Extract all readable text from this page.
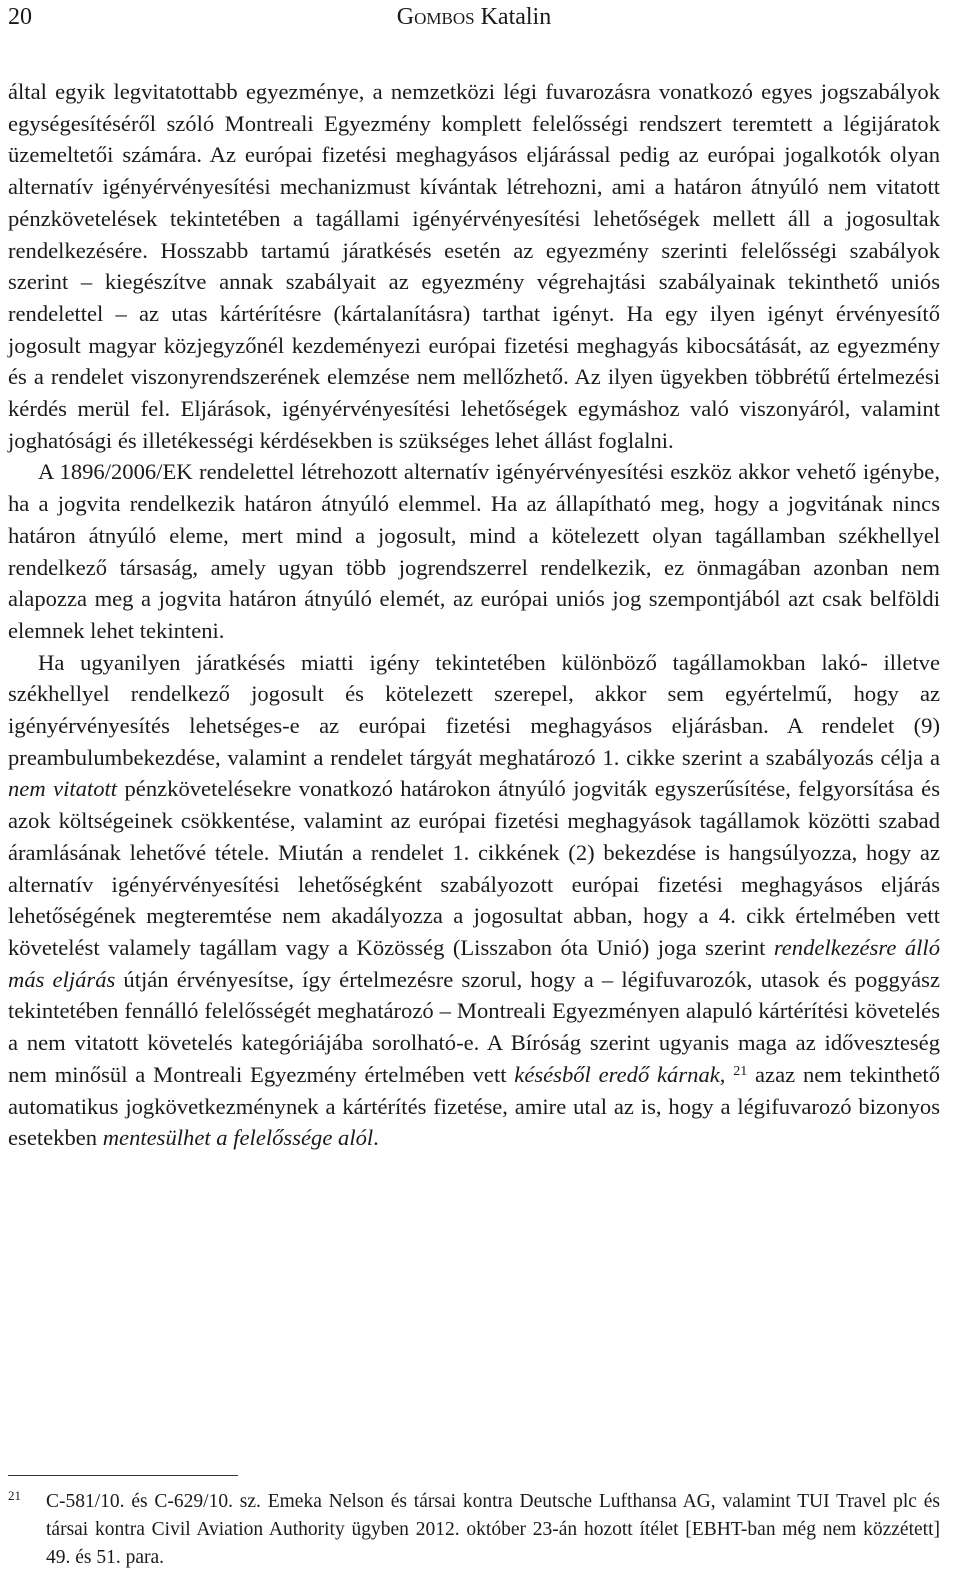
20	Gombos Katalin

által egyik legvitatottabb egyezménye, a nemzetközi légi fuvarozásra vonatkozó egyes jogszabályok egységesítéséről szóló Montreali Egyezmény komplett felelősségi rendszert teremtett a légijáratok üzemeltetői számára. Az európai fizetési meghagyásos eljárással pedig az európai jogalkotók olyan alternatív igényérvényesítési mechanizmust kívántak létrehozni, ami a határon átnyúló nem vitatott pénzkövetelések tekintetében a tagállami igényérvényesítési lehetőségek mellett áll a jogosultak rendelkezésére. Hosszabb tartamú járatkésés esetén az egyezmény szerinti felelősségi szabályok szerint – kiegészítve annak szabályait az egyezmény végrehajtási szabályainak tekinthető uniós rendelettel – az utas kártérítésre (kártalanításra) tarthat igényt. Ha egy ilyen igényt érvényesítő jogosult magyar közjegyzőnél kezdeményezi európai fizetési meghagyás kibocsátását, az egyezmény és a rendelet viszonyrendszerének elemzése nem mellőzhető. Az ilyen ügyekben többrétű értelmezési kérdés merül fel. Eljárások, igényérvényesítési lehetőségek egymáshoz való viszonyáról, valamint joghatósági és illetékességi kérdésekben is szükséges lehet állást foglalni.

A 1896/2006/EK rendelettel létrehozott alternatív igényérvényesítési eszköz akkor vehető igénybe, ha a jogvita rendelkezik határon átnyúló elemmel. Ha az állapítható meg, hogy a jogvitának nincs határon átnyúló eleme, mert mind a jogosult, mind a kötelezett olyan tagállamban székhellyel rendelkező társaság, amely ugyan több jogrendszerrel rendelkezik, ez önmagában azonban nem alapozza meg a jogvita határon átnyúló elemét, az európai uniós jog szempontjából azt csak belföldi elemnek lehet tekinteni.

Ha ugyanilyen járatkésés miatti igény tekintetében különböző tagállamokban lakó- illetve székhellyel rendelkező jogosult és kötelezett szerepel, akkor sem egyértelmű, hogy az igényérvényesítés lehetséges-e az európai fizetési meghagyásos eljárásban. A rendelet (9) preambulumbekezdése, valamint a rendelet tárgyát meghatározó 1. cikke szerint a szabályozás célja a nem vitatott pénzkövetelésekre vonatkozó határokon átnyúló jogviták egyszerűsítése, felgyorsítása és azok költségeinek csökkentése, valamint az európai fizetési meghagyások tagállamok közötti szabad áramlásának lehetővé tétele. Miután a rendelet 1. cikkének (2) bekezdése is hangsúlyozza, hogy az alternatív igényérvényesítési lehetőségként szabályozott európai fizetési meghagyásos eljárás lehetőségének megteremtése nem akadályozza a jogosultat abban, hogy a 4. cikk értelmében vett követelést valamely tagállam vagy a Közösség (Lisszabon óta Unió) joga szerint rendelkezésre álló más eljárás útján érvényesítse, így értelmezésre szorul, hogy a – légifuvarozók, utasok és poggyász tekintetében fennálló felelősségét meghatározó – Montreali Egyezményen alapuló kártérítési követelés a nem vitatott követelés kategóriájába sorolható-e. A Bíróság szerint ugyanis maga az időveszteség nem minősül a Montreali Egyezmény értelmében vett késésből eredő kárnak, $^{21}$ azaz nem tekinthető automatikus jogkövetkezménynek a kártérítés fizetése, amire utal az is, hogy a légifuvarozó bizonyos esetekben mentesülhet a felelőssége alól.

21 C-581/10. és C-629/10. sz. Emeka Nelson és társai kontra Deutsche Lufthansa AG, valamint TUI Travel plc és társai kontra Civil Aviation Authority ügyben 2012. október 23-án hozott ítélet [EBHT-ban még nem közzétett] 49. és 51. para.
